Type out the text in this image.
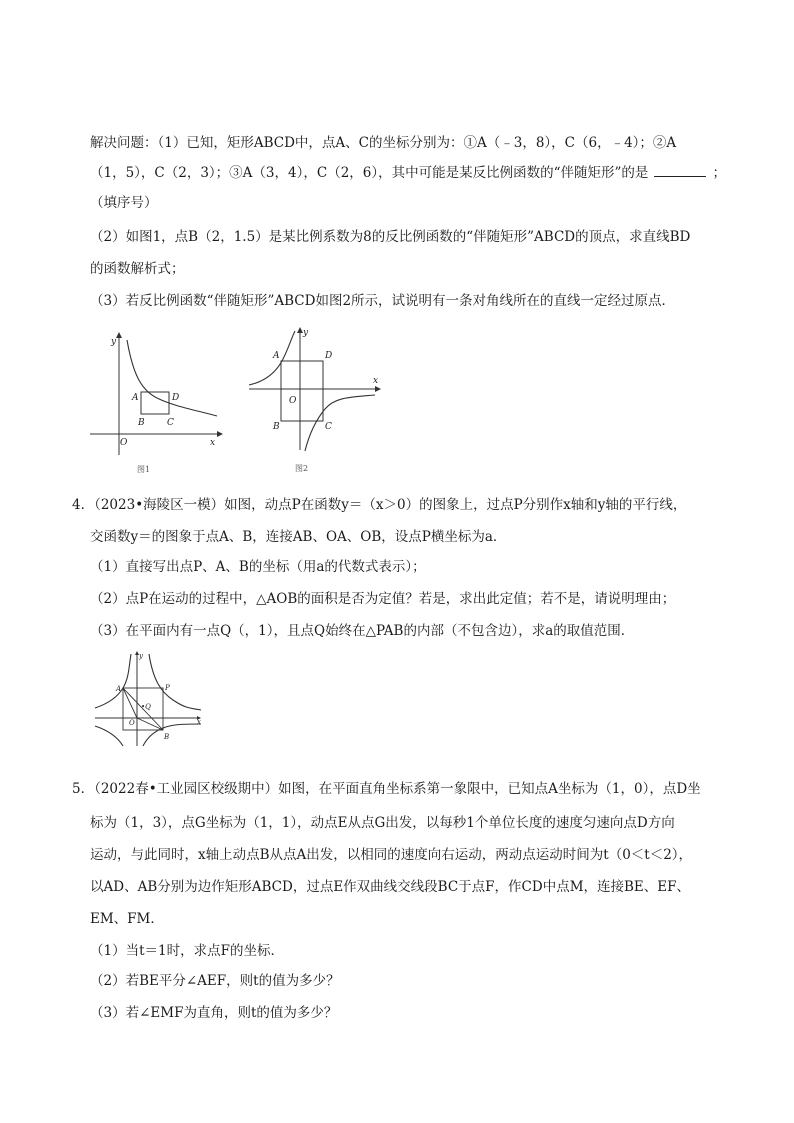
解决问题：（1）已知，矩形ABCD中，点A、C的坐标分别为：①A（﹣3，8），C（6，﹣4）；②A
（1，5），C（2，3）；③A（3，4），C（2，6），其中可能是某反比例函数的“伴随矩形”的是	；
（填序号）
（2）如图1，点B（2，1.5）是某比例系数为8的反比例函数的“伴随矩形”ABCD的顶点，求直线BD
的函数解析式；
（3）若反比例函数“伴随矩形”ABCD如图2所示，试说明有一条对角线所在的直线一定经过原点．
y
x
O
A	D
B C
图1
y
x
O
A	D
B	C
图2
4．（2023•海陵区一模）如图，动点P在函数y＝（x＞0）的图象上，过点P分别作x轴和y轴的平行线，
交函数y＝的图象于点A、B，连接AB、OA、OB，设点P横坐标为a．
（1）直接写出点P、A、B的坐标（用a的代数式表示）；
（2）点P在运动的过程中，△AOB的面积是否为定值？若是，求出此定值；若不是，请说明理由；
（3）在平面内有一点Q（，1），且点Q始终在△PAB的内部（不包含边），求a的取值范围．
y
x
O
A	P
B
•Q
5．（2022春•工业园区校级期中）如图，在平面直角坐标系第一象限中，已知点A坐标为（1，0），点D坐
标为（1，3），点G坐标为（1，1），动点E从点G出发，以每秒1个单位长度的速度匀速向点D方向
运动，与此同时，x轴上动点B从点A出发，以相同的速度向右运动，两动点运动时间为t（0＜t＜2），
以AD、AB分别为边作矩形ABCD，过点E作双曲线交线段BC于点F，作CD中点M，连接BE、EF、
EM、FM．
（1）当t＝1时，求点F的坐标．
（2）若BE平分∠AEF，则t的值为多少？
（3）若∠EMF为直角，则t的值为多少？
